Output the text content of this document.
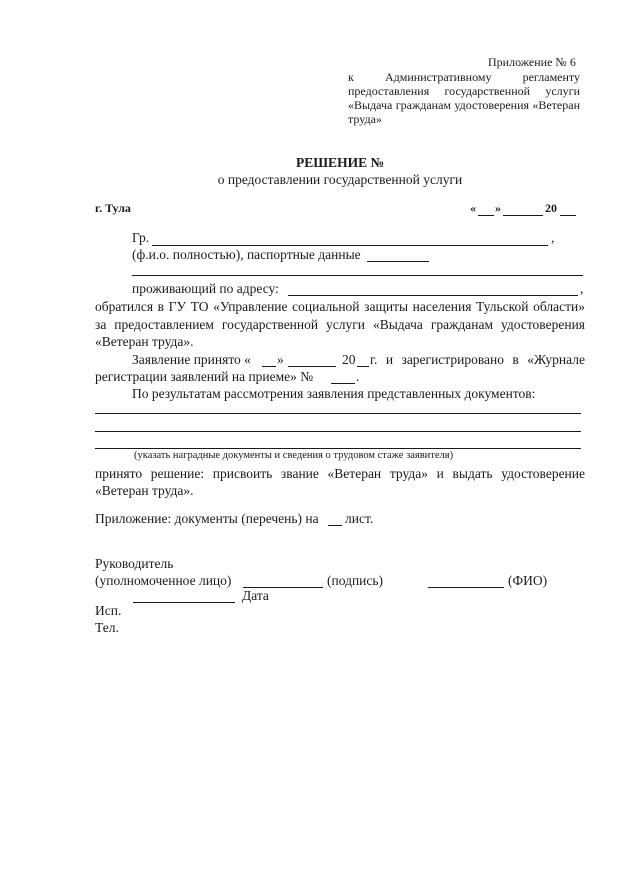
Приложение № 6
к Административному регламенту
предоставления государственной услуги
«Выдача гражданам удостоверения «Ветеран
труда»
РЕШЕНИЕ №
о предоставлении государственной услуги
г. Тула	« »	20
Гр.	,
(ф.и.о. полностью), паспортные данные
проживающий по адресу:	,
обратился в ГУ ТО «Управление социальной защиты населения Тульской области»
за предоставлением государственной услуги «Выдача гражданам удостоверения
«Ветеран труда».
Заявление принято « »	20 г. и зарегистрировано в «Журнале
регистрации заявлений на приеме» №	.
По результатам рассмотрения заявления представленных документов:
(указать наградные документы и сведения о трудовом стаже заявителя)
принято решение: присвоить звание «Ветеран труда» и выдать удостоверение
«Ветеран труда».
Приложение: документы (перечень) на лист.
Руководитель
(уполномоченное лицо)	(подпись)	(ФИО)
Дата
Исп.
Тел.
